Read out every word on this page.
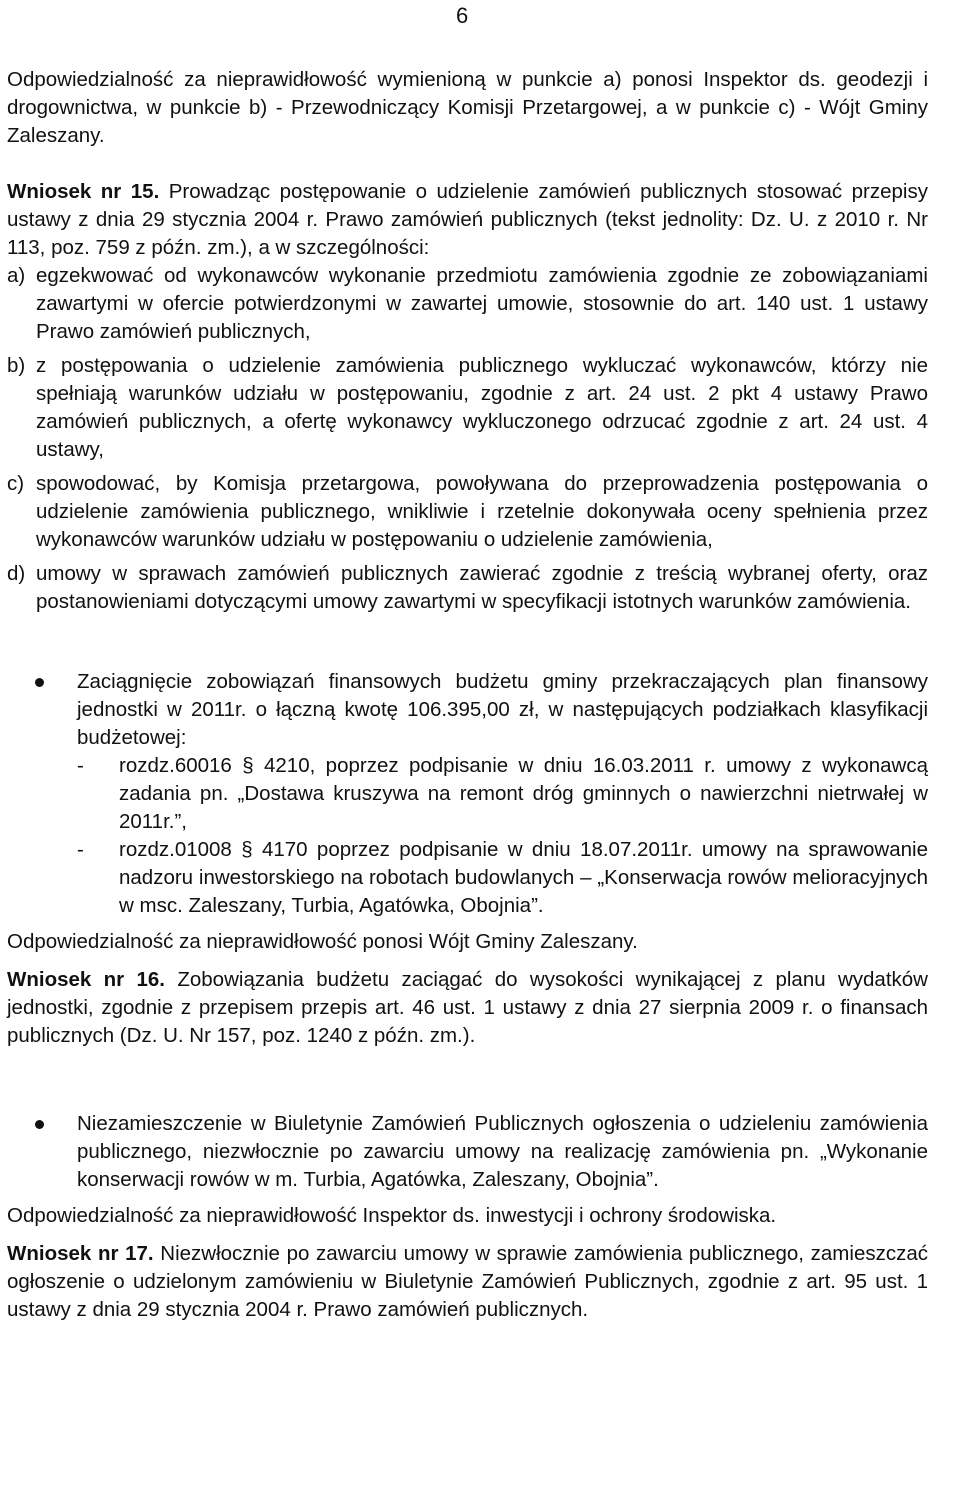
6

Odpowiedzialność za nieprawidłowość wymienioną w punkcie a) ponosi Inspektor ds. geodezji i drogownictwa, w punkcie b) - Przewodniczący Komisji Przetargowej, a w punkcie c) - Wójt Gminy Zaleszany.

Wniosek nr 15. Prowadząc postępowanie o udzielenie zamówień publicznych stosować przepisy ustawy z dnia 29 stycznia 2004 r. Prawo zamówień publicznych (tekst jednolity: Dz. U. z 2010 r. Nr 113, poz. 759 z późn. zm.), a w szczególności:

a) egzekwować od wykonawców wykonanie przedmiotu zamówienia zgodnie ze zobowiązaniami zawartymi w ofercie potwierdzonymi w zawartej umowie, stosownie do art. 140 ust. 1 ustawy Prawo zamówień publicznych,
b) z postępowania o udzielenie zamówienia publicznego wykluczać wykonawców, którzy nie spełniają warunków udziału w postępowaniu, zgodnie z art. 24 ust. 2 pkt 4 ustawy Prawo zamówień publicznych, a ofertę wykonawcy wykluczonego odrzucać zgodnie z art. 24 ust. 4 ustawy,
c) spowodować, by Komisja przetargowa, powoływana do przeprowadzenia postępowania o udzielenie zamówienia publicznego, wnikliwie i rzetelnie dokonywała oceny spełnienia przez wykonawców warunków udziału w postępowaniu o udzielenie zamówienia,
d) umowy w sprawach zamówień publicznych zawierać zgodnie z treścią wybranej oferty, oraz postanowieniami dotyczącymi umowy zawartymi w specyfikacji istotnych warunków zamówienia.

Zaciągnięcie zobowiązań finansowych budżetu gminy przekraczających plan finansowy jednostki w 2011r. o łączną kwotę 106.395,00 zł, w następujących podziałkach klasyfikacji budżetowej:

-	rozdz.60016 § 4210, poprzez podpisanie w dniu 16.03.2011 r. umowy z wykonawcą zadania pn. „Dostawa kruszywa na remont dróg gminnych o nawierzchni nietrwałej w 2011r.”,
-	rozdz.01008 § 4170 poprzez podpisanie w dniu 18.07.2011r. umowy na sprawowanie nadzoru inwestorskiego na robotach budowlanych – „Konserwacja rowów melioracyjnych w msc. Zaleszany, Turbia, Agatówka, Obojnia”.

Odpowiedzialność za nieprawidłowość ponosi Wójt Gminy Zaleszany.

Wniosek nr 16. Zobowiązania budżetu zaciągać do wysokości wynikającej z planu wydatków jednostki, zgodnie z przepisem przepis art. 46 ust. 1 ustawy z dnia 27 sierpnia 2009 r. o finansach publicznych (Dz. U. Nr 157, poz. 1240 z późn. zm.).

Niezamieszczenie w Biuletynie Zamówień Publicznych ogłoszenia o udzieleniu zamówienia publicznego, niezwłocznie po zawarciu umowy na realizację zamówienia pn. „Wykonanie konserwacji rowów w m. Turbia, Agatówka, Zaleszany, Obojnia”.

Odpowiedzialność za nieprawidłowość Inspektor ds. inwestycji i ochrony środowiska.

Wniosek nr 17. Niezwłocznie po zawarciu umowy w sprawie zamówienia publicznego, zamieszczać ogłoszenie o udzielonym zamówieniu w Biuletynie Zamówień Publicznych, zgodnie z art. 95 ust. 1 ustawy z dnia 29 stycznia 2004 r. Prawo zamówień publicznych.
